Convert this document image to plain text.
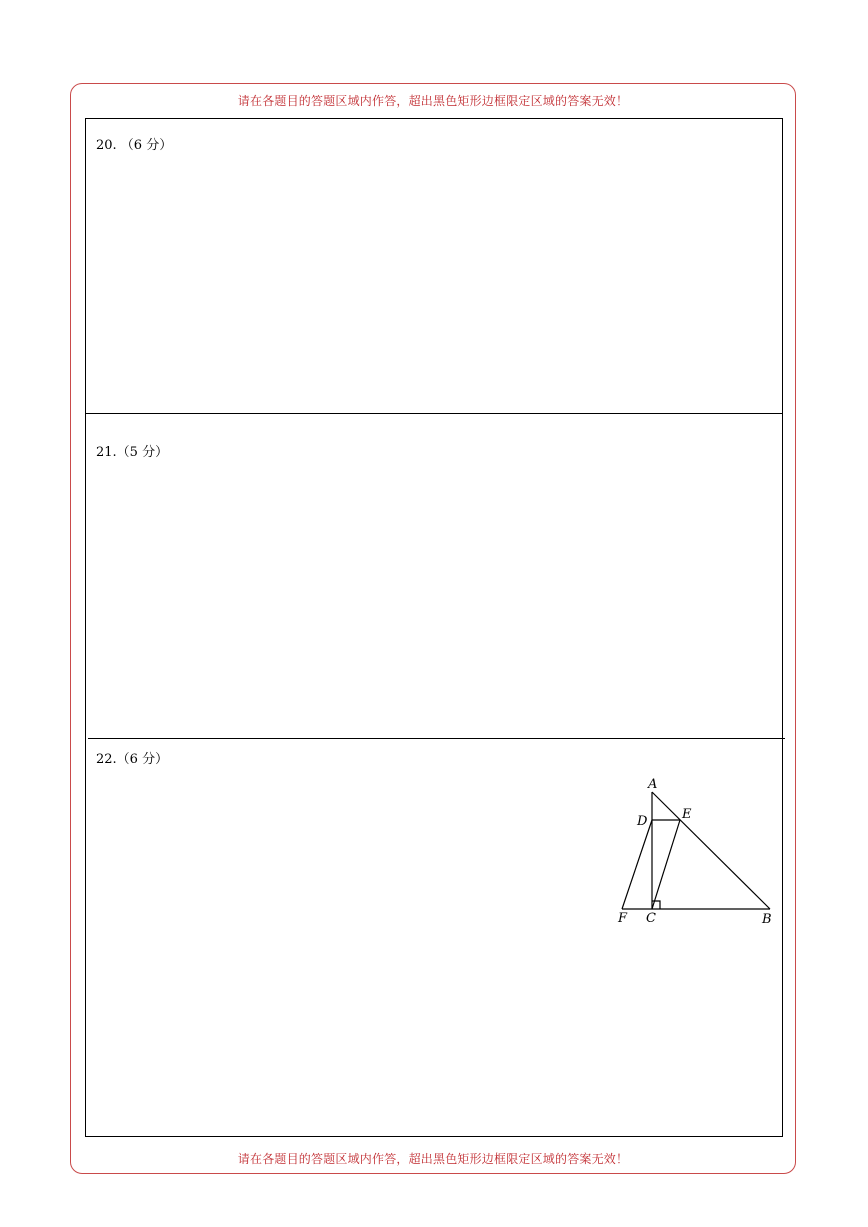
请在各题目的答题区域内作答，超出黑色矩形边框限定区域的答案无效！
20. （6 分）
21.（5 分）
22.（6 分）
A
D	E
F C	B
请在各题目的答题区域内作答，超出黑色矩形边框限定区域的答案无效！
